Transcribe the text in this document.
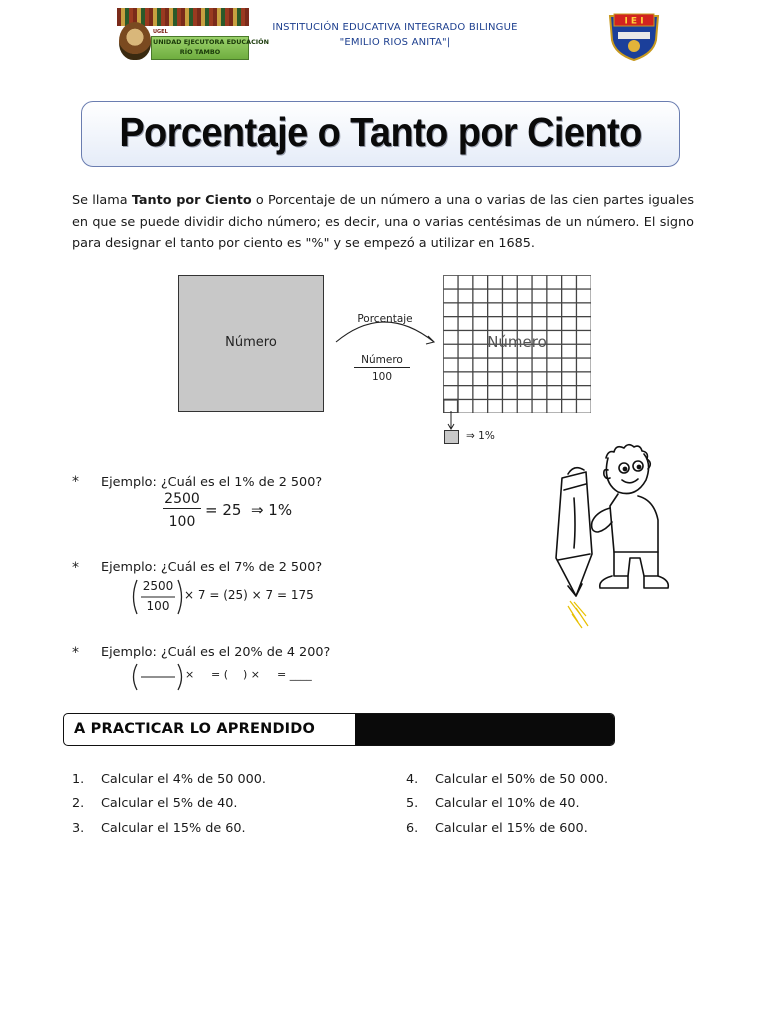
UGEL
UNIDAD EJECUTORA EDUCACIÓN
RÍO TAMBO
INSTITUCIÓN EDUCATIVA INTEGRADO BILINGUE
"EMILIO RIOS ANITA"|
I E I
Porcentaje o Tanto por Ciento

Se llama Tanto por Ciento o Porcentaje de un número a una o varias de las cien partes iguales en que se puede dividir dicho número; es decir, una o varias centésimas de un número. El signo para designar el tanto por ciento es "%" y se empezó a utilizar en 1685.

Número
Porcentaje
Número
100
Número
⇒ 1%
* Ejemplo: ¿Cuál es el 1% de 2 500?
2500
100
= 25  ⇒ 1%
* Ejemplo: ¿Cuál es el 7% de 2 500?
2500
100
× 7 = (25) × 7 = 175
* Ejemplo: ¿Cuál es el 20% de 4 200?
× = ( ) × = ____
A PRACTICAR LO APRENDIDO
1. Calcular el 4% de 50 000.
2. Calcular el 5% de 40.
3. Calcular el 15% de 60.
4. Calcular el 50% de 50 000.
5. Calcular el 10% de 40.
6. Calcular el 15% de 600.
